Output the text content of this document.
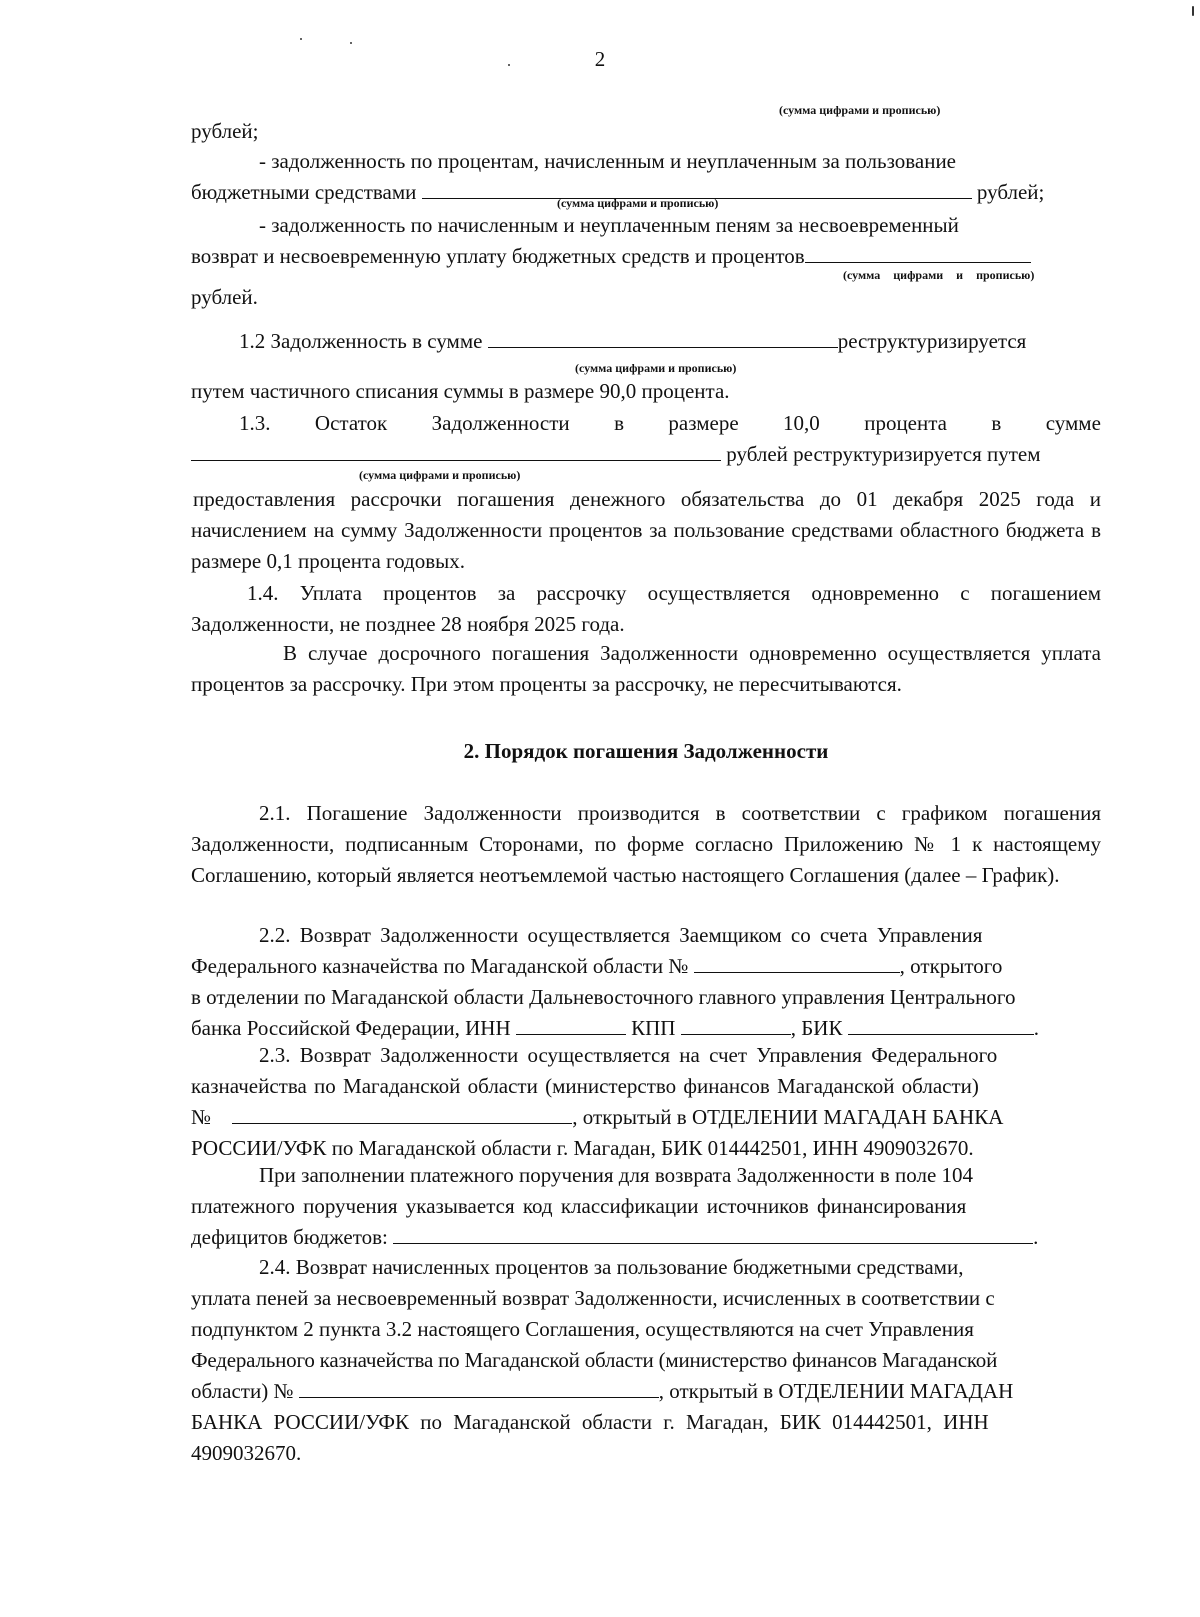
2
(сумма цифрами и прописью)
рублей;
- задолженность по процентам, начисленным и неуплаченным за пользование
бюджетными средствами	рублей;
(сумма цифрами и прописью)
- задолженность по начисленным и неуплаченным пеням за несвоевременный
возврат и несвоевременную уплату бюджетных средств и процентов
(сумма цифрами и прописью)
рублей.
1.2 Задолженность в сумме	реструктуризируется
(сумма цифрами и прописью)
путем частичного списания суммы в размере 90,0 процента.
1.3. Остаток Задолженности в размере 10,0 процента в сумме
рублей реструктуризируется путем
(сумма цифрами и прописью)

предоставления рассрочки погашения денежного обязательства до 01 декабря 2025 года и начислением на сумму Задолженности процентов за пользование средствами областного бюджета в размере 0,1 процента годовых.

1.4. Уплата процентов за рассрочку осуществляется одновременно с погашением Задолженности, не позднее 28 ноября 2025 года.

В случае досрочного погашения Задолженности одновременно осуществляется уплата процентов за рассрочку. При этом проценты за рассрочку, не пересчитываются.

2. Порядок погашения Задолженности

2.1. Погашение Задолженности производится в соответствии с графиком погашения Задолженности, подписанным Сторонами, по форме согласно Приложению № 1 к настоящему Соглашению, который является неотъемлемой частью настоящего Соглашения (далее – График).

2.2. Возврат Задолженности осуществляется Заемщиком со счета Управления
Федерального казначейства по Магаданской области №	, открытого
в отделении по Магаданской области Дальневосточного главного управления Центрального
банка Российской Федерации, ИНН	КПП	, БИК	.
2.3. Возврат Задолженности осуществляется на счет Управления Федерального
казначейства по Магаданской области (министерство финансов Магаданской области)
№	, открытый в ОТДЕЛЕНИИ МАГАДАН БАНКА
РОССИИ/УФК по Магаданской области г. Магадан, БИК 014442501, ИНН 4909032670.
При заполнении платежного поручения для возврата Задолженности в поле 104
платежного поручения указывается код классификации источников финансирования
дефицитов бюджетов:	.
2.4. Возврат начисленных процентов за пользование бюджетными средствами,
уплата пеней за несвоевременный возврат Задолженности, исчисленных в соответствии с
подпунктом 2 пункта 3.2 настоящего Соглашения, осуществляются на счет Управления
Федерального казначейства по Магаданской области (министерство финансов Магаданской
области) №	, открытый в ОТДЕЛЕНИИ МАГАДАН
БАНКА РОССИИ/УФК по Магаданской области г. Магадан, БИК 014442501, ИНН
4909032670.
